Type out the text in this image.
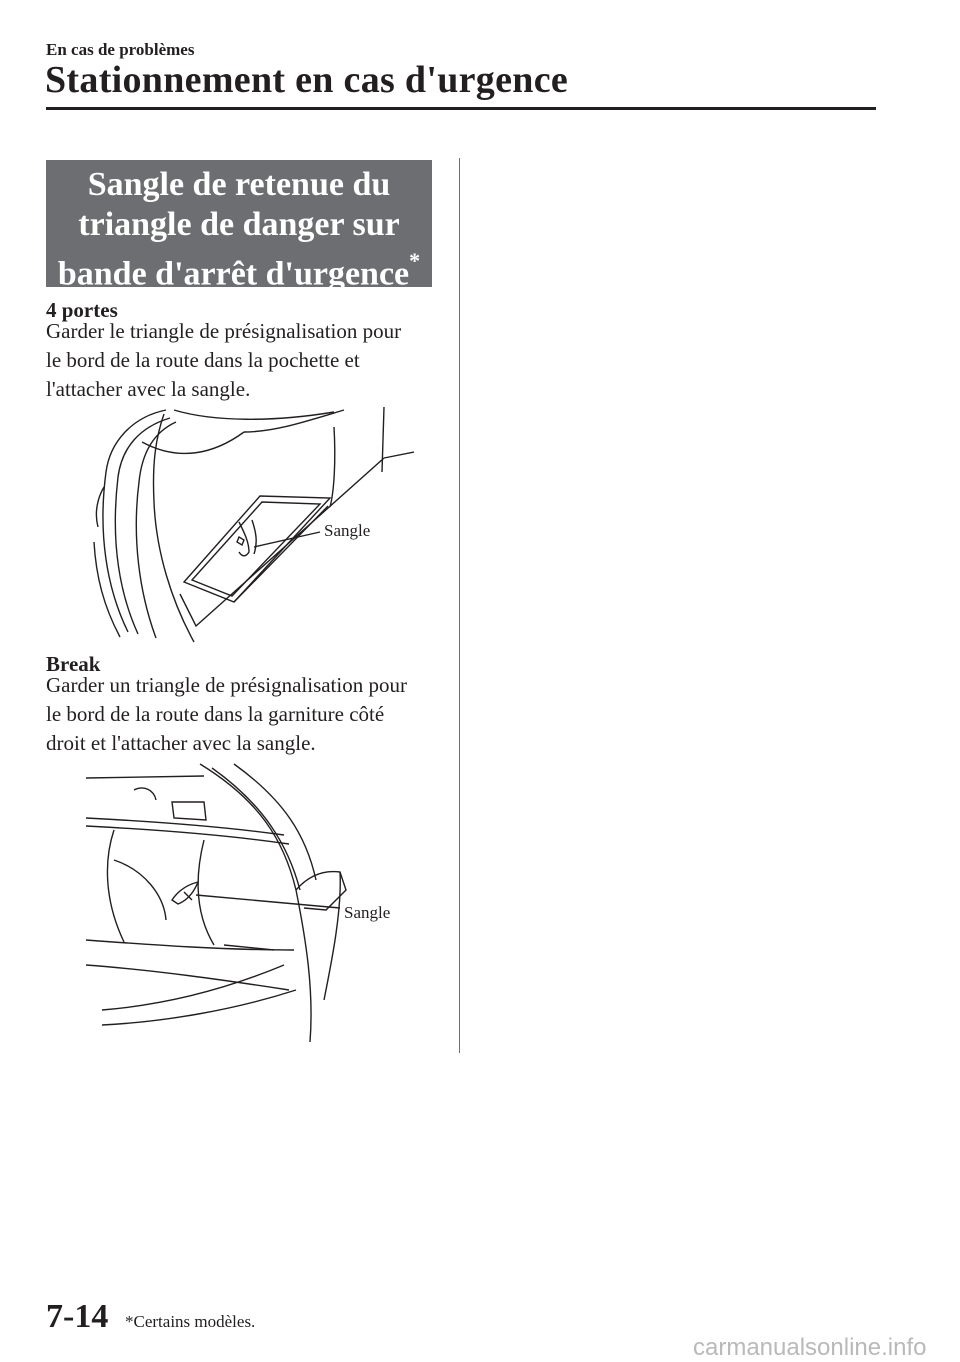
En cas de problèmes
Stationnement en cas d'urgence
Sangle de retenue du
triangle de danger sur
bande d'arrêt d'urgence*
4 portes
Garder le triangle de présignalisation pour
le bord de la route dans la pochette et
l'attacher avec la sangle.
Sangle
Break
Garder un triangle de présignalisation pour
le bord de la route dans la garniture côté
droit et l'attacher avec la sangle.
Sangle
7-14 *Certains modèles.
carmanualsonline.info
